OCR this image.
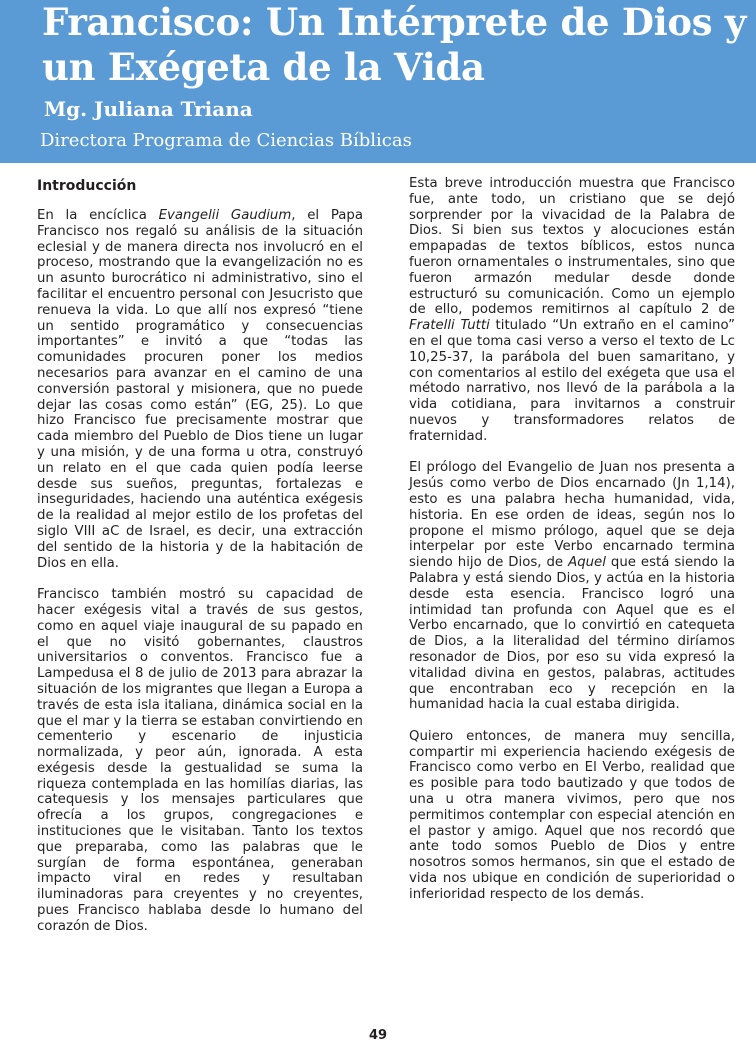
Francisco: Un Intérprete de Dios y
un Exégeta de la Vida
Mg. Juliana Triana
Directora Programa de Ciencias Bíblicas
Introducción

En la encíclica Evangelii Gaudium, el Papa Francisco nos regaló su análisis de la situación eclesial y de manera directa nos involucró en el proceso, mostrando que la evangelización no es un asunto burocrático ni administrativo, sino el facilitar el encuentro personal con Jesucristo que renueva la vida. Lo que allí nos expresó “tiene un sentido programático y consecuencias importantes” e invitó a que “todas las comunidades procuren poner los medios necesarios para avanzar en el camino de una conversión pastoral y misionera, que no puede dejar las cosas como están” (EG, 25). Lo que hizo Francisco fue precisamente mostrar que cada miembro del Pueblo de Dios tiene un lugar y una misión, y de una forma u otra, construyó un relato en el que cada quien podía leerse desde sus sueños, preguntas, fortalezas e inseguridades, haciendo una auténtica exégesis de la realidad al mejor estilo de los profetas del siglo VIII aC de Israel, es decir, una extracción del sentido de la historia y de la habitación de Dios en ella.

Francisco también mostró su capacidad de hacer exégesis vital a través de sus gestos, como en aquel viaje inaugural de su papado en el que no visitó gobernantes, claustros universitarios o conventos. Francisco fue a Lampedusa el 8 de julio de 2013 para abrazar la situación de los migrantes que llegan a Europa a través de esta isla italiana, dinámica social en la que el mar y la tierra se estaban convirtiendo en cementerio y escenario de injusticia normalizada, y peor aún, ignorada. A esta exégesis desde la gestualidad se suma la riqueza contemplada en las homilías diarias, las catequesis y los mensajes particulares que ofrecía a los grupos, congregaciones e instituciones que le visitaban. Tanto los textos que preparaba, como las palabras que le surgían de forma espontánea, generaban impacto viral en redes y resultaban iluminadoras para creyentes y no creyentes, pues Francisco hablaba desde lo humano del corazón de Dios.

Esta breve introducción muestra que Francisco fue, ante todo, un cristiano que se dejó sorprender por la vivacidad de la Palabra de Dios. Si bien sus textos y alocuciones están empapadas de textos bíblicos, estos nunca fueron ornamentales o instrumentales, sino que fueron armazón medular desde donde estructuró su comunicación. Como un ejemplo de ello, podemos remitirnos al capítulo 2 de Fratelli Tutti titulado “Un extraño en el camino” en el que toma casi verso a verso el texto de Lc 10,25-37, la parábola del buen samaritano, y con comentarios al estilo del exégeta que usa el método narrativo, nos llevó de la parábola a la vida cotidiana, para invitarnos a construir nuevos y transformadores relatos de fraternidad.

El prólogo del Evangelio de Juan nos presenta a Jesús como verbo de Dios encarnado (Jn 1,14), esto es una palabra hecha humanidad, vida, historia. En ese orden de ideas, según nos lo propone el mismo prólogo, aquel que se deja interpelar por este Verbo encarnado termina siendo hijo de Dios, de Aquel que está siendo la Palabra y está siendo Dios, y actúa en la historia desde esta esencia. Francisco logró una intimidad tan profunda con Aquel que es el Verbo encarnado, que lo convirtió en catequeta de Dios, a la literalidad del término diríamos resonador de Dios, por eso su vida expresó la vitalidad divina en gestos, palabras, actitudes que encontraban eco y recepción en la humanidad hacia la cual estaba dirigida.

Quiero entonces, de manera muy sencilla, compartir mi experiencia haciendo exégesis de Francisco como verbo en El Verbo, realidad que es posible para todo bautizado y que todos de una u otra manera vivimos, pero que nos permitimos contemplar con especial atención en el pastor y amigo. Aquel que nos recordó que ante todo somos Pueblo de Dios y entre nosotros somos hermanos, sin que el estado de vida nos ubique en condición de superioridad o inferioridad respecto de los demás.

49
